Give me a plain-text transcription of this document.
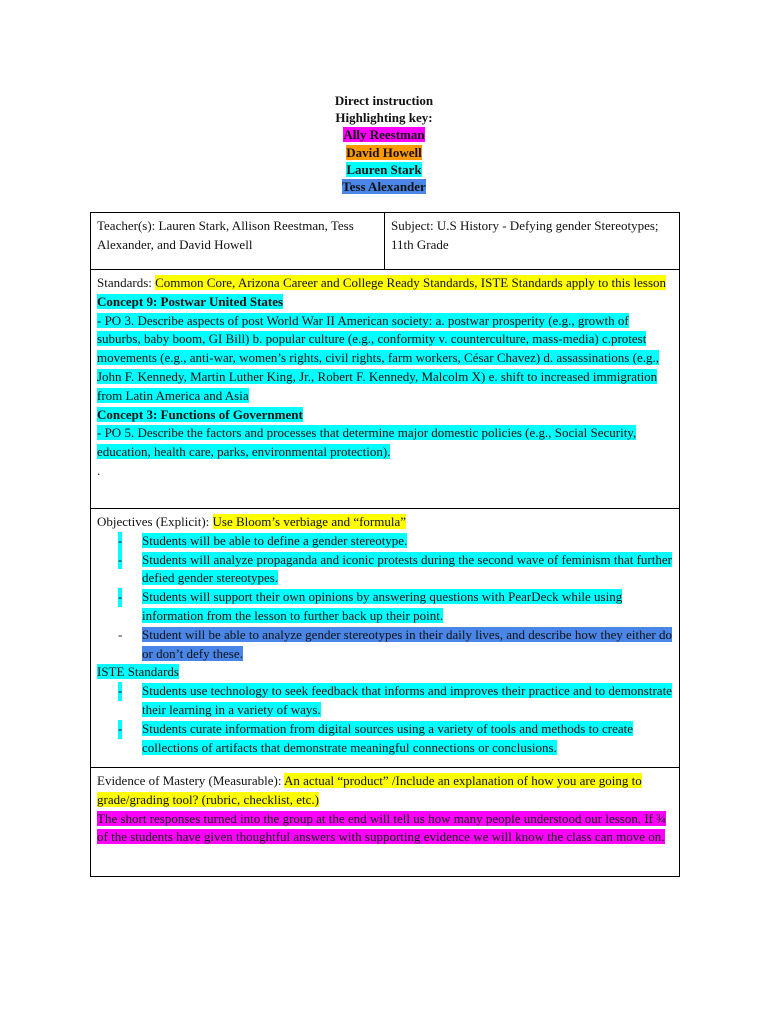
Direct instruction
Highlighting key:
Ally Reestman
David Howell
Lauren Stark
Tess Alexander
Teacher(s): Lauren Stark, Allison Reestman, Tess Alexander, and David Howell	Subject: U.S History - Defying gender Stereotypes; 11th Grade

Standards: Common Core, Arizona Career and College Ready Standards, ISTE Standards apply to this lesson
Concept 9: Postwar United States
- PO 3. Describe aspects of post World War II American society: a. postwar prosperity (e.g., growth of suburbs, baby boom, GI Bill) b. popular culture (e.g., conformity v. counterculture, mass-media) c.protest movements (e.g., anti-war, women’s rights, civil rights, farm workers, César Chavez) d. assassinations (e.g., John F. Kennedy, Martin Luther King, Jr., Robert F. Kennedy, Malcolm X) e. shift to increased immigration from Latin America and Asia
Concept 3: Functions of Government
- PO 5. Describe the factors and processes that determine major domestic policies (e.g., Social Security, education, health care, parks, environmental protection).
.

Objectives (Explicit): Use Bloom’s verbiage and “formula”
- Students will be able to define a gender stereotype.
- Students will analyze propaganda and iconic protests during the second wave of feminism that further defied gender stereotypes.
- Students will support their own opinions by answering questions with PearDeck while using information from the lesson to further back up their point.
- Student will be able to analyze gender stereotypes in their daily lives, and describe how they either do or don’t defy these.
ISTE Standards
- Students use technology to seek feedback that informs and improves their practice and to demonstrate their learning in a variety of ways.
- Students curate information from digital sources using a variety of tools and methods to create collections of artifacts that demonstrate meaningful connections or conclusions.

Evidence of Mastery (Measurable): An actual “product” /Include an explanation of how you are going to grade/grading tool? (rubric, checklist, etc.)
The short responses turned into the group at the end will tell us how many people understood our lesson. If ¾ of the students have given thoughtful answers with supporting evidence we will know the class can move on.
